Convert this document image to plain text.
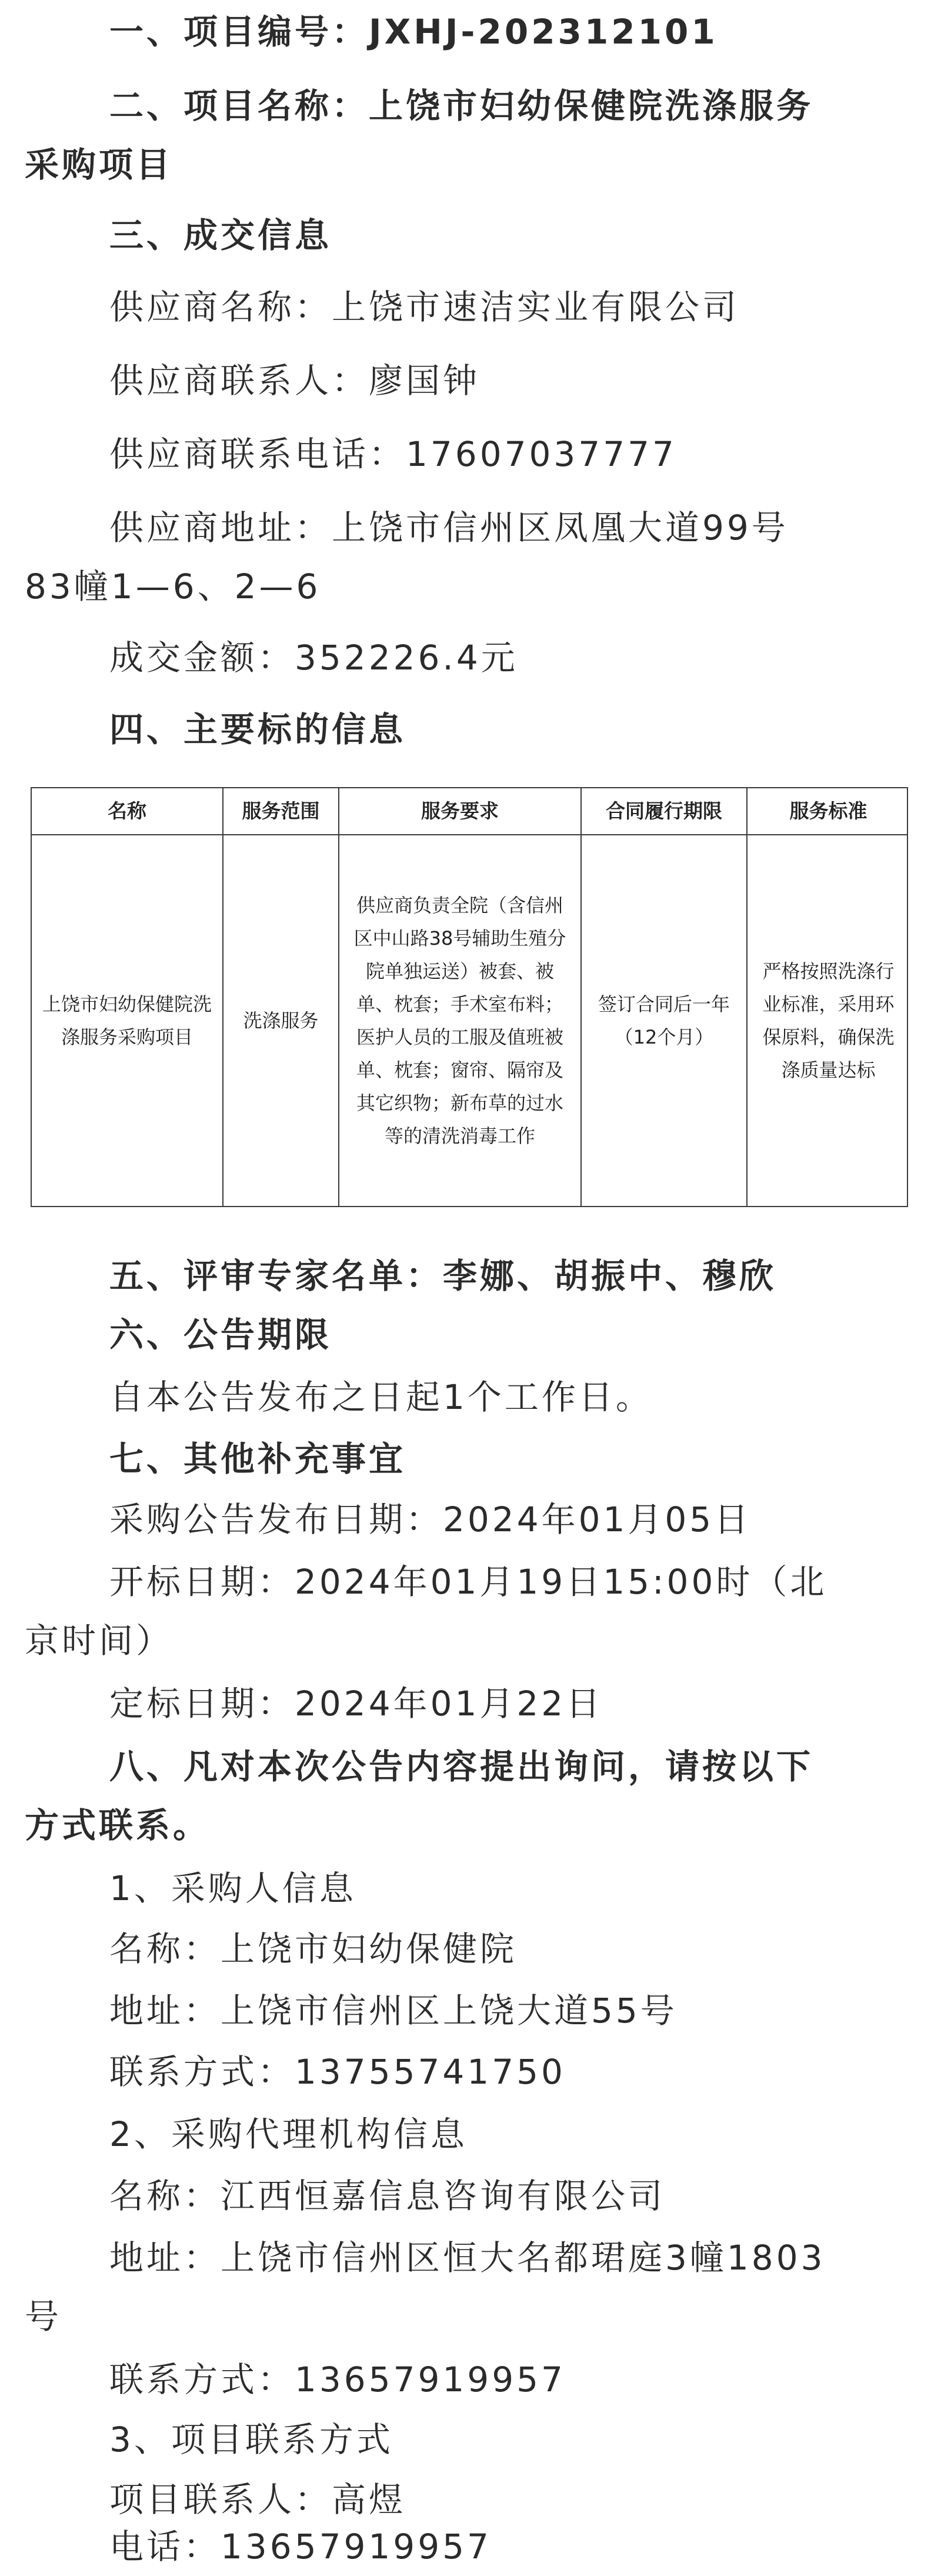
一、项目编号：JXHJ-202312101
二、项目名称：上饶市妇幼保健院洗涤服务
采购项目
三、成交信息
供应商名称：上饶市速洁实业有限公司
供应商联系人：廖国钟
供应商联系电话：17607037777
供应商地址：上饶市信州区凤凰大道99号
83幢1—6、2—6
成交金额：352226.4元
四、主要标的信息
名称	服务范围	服务要求	合同履行期限	服务标准
上饶市妇幼保健院洗涤服务采购项目	洗涤服务	供应商负责全院（含信州区中山路38号辅助生殖分院单独运送）被套、被单、枕套；手术室布料；医护人员的工服及值班被单、枕套；窗帘、隔帘及其它织物；新布草的过水等的清洗消毒工作	签订合同后一年（12个月）	严格按照洗涤行业标准，采用环保原料，确保洗涤质量达标
五、评审专家名单：李娜、胡振中、穆欣
六、公告期限
自本公告发布之日起1个工作日。
七、其他补充事宜
采购公告发布日期：2024年01月05日
开标日期：2024年01月19日15:00时（北
京时间）
定标日期：2024年01月22日
八、凡对本次公告内容提出询问，请按以下
方式联系。
1、采购人信息
名称：上饶市妇幼保健院
地址：上饶市信州区上饶大道55号
联系方式：13755741750
2、采购代理机构信息
名称：江西恒嘉信息咨询有限公司
地址：上饶市信州区恒大名都珺庭3幢1803
号
联系方式：13657919957
3、项目联系方式
项目联系人：高煜
电话：13657919957
